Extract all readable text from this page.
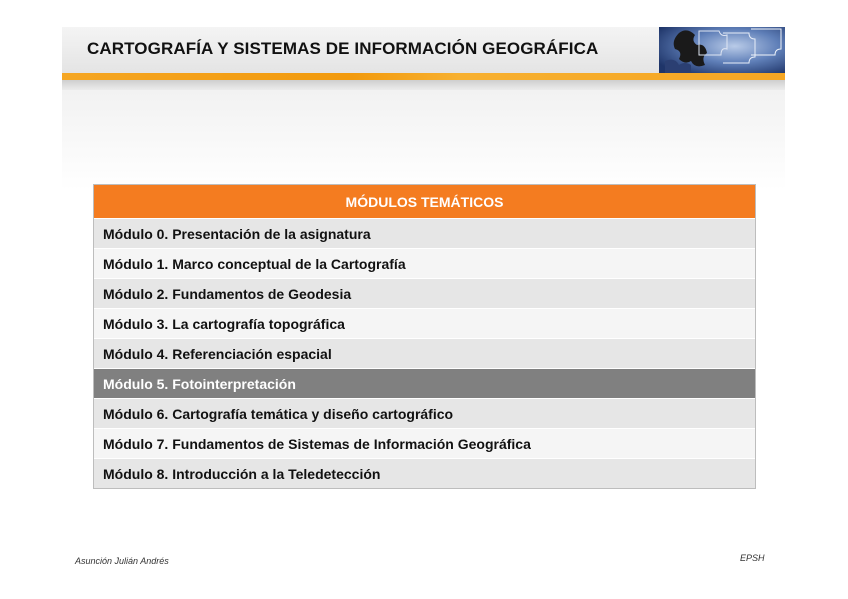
CARTOGRAFÍA Y SISTEMAS DE INFORMACIÓN GEOGRÁFICA
MÓDULOS TEMÁTICOS
Módulo 0. Presentación de la asignatura
Módulo 1. Marco conceptual de la Cartografía
Módulo 2. Fundamentos de Geodesia
Módulo 3. La cartografía topográfica
Módulo 4. Referenciación espacial
Módulo 5. Fotointerpretación
Módulo 6. Cartografía temática y diseño cartográfico
Módulo 7. Fundamentos de Sistemas de Información Geográfica
Módulo 8. Introducción a la Teledetección
Asunción Julián Andrés	EPSH
